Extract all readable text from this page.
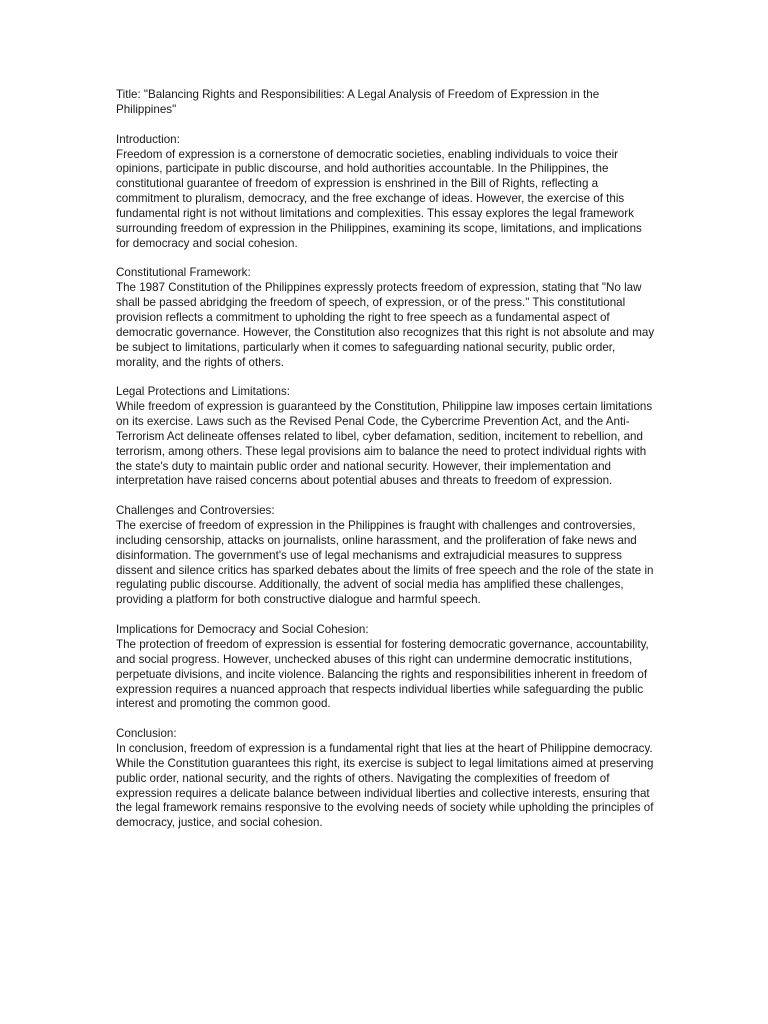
Title: "Balancing Rights and Responsibilities: A Legal Analysis of Freedom of Expression in the Philippines"

Introduction:

Freedom of expression is a cornerstone of democratic societies, enabling individuals to voice their opinions, participate in public discourse, and hold authorities accountable. In the Philippines, the constitutional guarantee of freedom of expression is enshrined in the Bill of Rights, reflecting a commitment to pluralism, democracy, and the free exchange of ideas. However, the exercise of this fundamental right is not without limitations and complexities. This essay explores the legal framework surrounding freedom of expression in the Philippines, examining its scope, limitations, and implications for democracy and social cohesion.

Constitutional Framework:

The 1987 Constitution of the Philippines expressly protects freedom of expression, stating that "No law shall be passed abridging the freedom of speech, of expression, or of the press." This constitutional provision reflects a commitment to upholding the right to free speech as a fundamental aspect of democratic governance. However, the Constitution also recognizes that this right is not absolute and may be subject to limitations, particularly when it comes to safeguarding national security, public order, morality, and the rights of others.

Legal Protections and Limitations:

While freedom of expression is guaranteed by the Constitution, Philippine law imposes certain limitations on its exercise. Laws such as the Revised Penal Code, the Cybercrime Prevention Act, and the Anti-Terrorism Act delineate offenses related to libel, cyber defamation, sedition, incitement to rebellion, and terrorism, among others. These legal provisions aim to balance the need to protect individual rights with the state's duty to maintain public order and national security. However, their implementation and interpretation have raised concerns about potential abuses and threats to freedom of expression.

Challenges and Controversies:

The exercise of freedom of expression in the Philippines is fraught with challenges and controversies, including censorship, attacks on journalists, online harassment, and the proliferation of fake news and disinformation. The government's use of legal mechanisms and extrajudicial measures to suppress dissent and silence critics has sparked debates about the limits of free speech and the role of the state in regulating public discourse. Additionally, the advent of social media has amplified these challenges, providing a platform for both constructive dialogue and harmful speech.

Implications for Democracy and Social Cohesion:

The protection of freedom of expression is essential for fostering democratic governance, accountability, and social progress. However, unchecked abuses of this right can undermine democratic institutions, perpetuate divisions, and incite violence. Balancing the rights and responsibilities inherent in freedom of expression requires a nuanced approach that respects individual liberties while safeguarding the public interest and promoting the common good.

Conclusion:

In conclusion, freedom of expression is a fundamental right that lies at the heart of Philippine democracy. While the Constitution guarantees this right, its exercise is subject to legal limitations aimed at preserving public order, national security, and the rights of others. Navigating the complexities of freedom of expression requires a delicate balance between individual liberties and collective interests, ensuring that the legal framework remains responsive to the evolving needs of society while upholding the principles of democracy, justice, and social cohesion.
